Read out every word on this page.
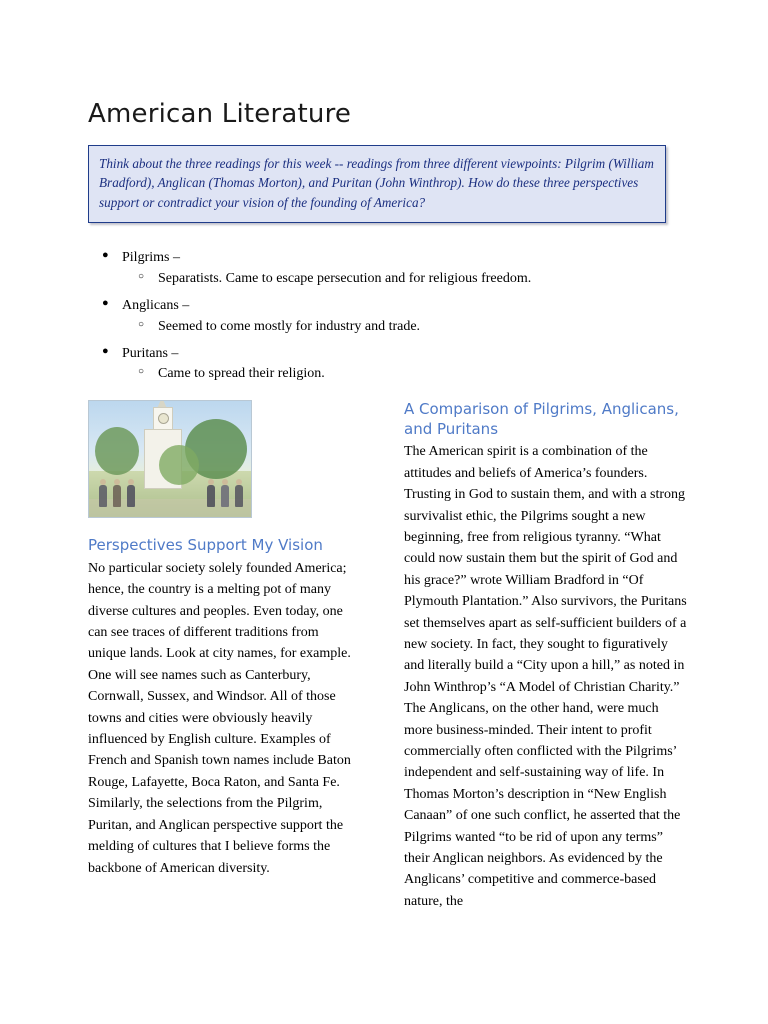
American Literature

Think about the three readings for this week -- readings from three different viewpoints: Pilgrim (William Bradford), Anglican (Thomas Morton), and Puritan (John Winthrop). How do these three perspectives support or contradict your vision of the founding of America?

● Pilgrims –
○ Separatists. Came to escape persecution and for religious freedom.
● Anglicans –
○ Seemed to come mostly for industry and trade.
● Puritans –
○ Came to spread their religion.
Perspectives Support My Vision

No particular society solely founded America; hence, the country is a melting pot of many diverse cultures and peoples. Even today, one can see traces of different traditions from unique lands. Look at city names, for example. One will see names such as Canterbury, Cornwall, Sussex, and Windsor. All of those towns and cities were obviously heavily influenced by English culture. Examples of French and Spanish town names include Baton Rouge, Lafayette, Boca Raton, and Santa Fe. Similarly, the selections from the Pilgrim, Puritan, and Anglican perspective support the melding of cultures that I believe forms the backbone of American diversity.

A Comparison of Pilgrims, Anglicans, and Puritans

The American spirit is a combination of the attitudes and beliefs of America’s founders. Trusting in God to sustain them, and with a strong survivalist ethic, the Pilgrims sought a new beginning, free from religious tyranny. “What could now sustain them but the spirit of God and his grace?” wrote William Bradford in “Of Plymouth Plantation.” Also survivors, the Puritans set themselves apart as self-sufficient builders of a new society. In fact, they sought to figuratively and literally build a “City upon a hill,” as noted in John Winthrop’s “A Model of Christian Charity.” The Anglicans, on the other hand, were much more business-minded. Their intent to profit commercially often conflicted with the Pilgrims’ independent and self-sustaining way of life. In Thomas Morton’s description in “New English Canaan” of one such conflict, he asserted that the Pilgrims wanted “to be rid of upon any terms” their Anglican neighbors. As evidenced by the Anglicans’ competitive and commerce-based nature, the
